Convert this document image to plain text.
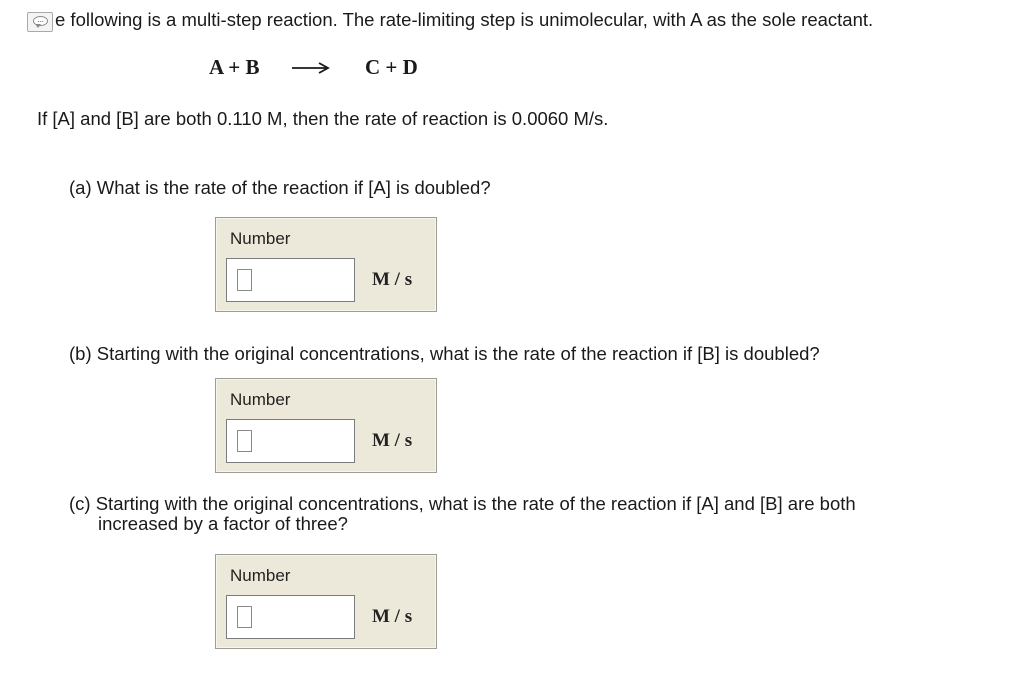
... e following is a multi-step reaction. The rate-limiting step is unimolecular, with A as the sole reactant.
A + B	C + D
If [A] and [B] are both 0.110 M, then the rate of reaction is 0.0060 M/s.
(a) What is the rate of the reaction if [A] is doubled?
Number
M / s
(b) Starting with the original concentrations, what is the rate of the reaction if [B] is doubled?
Number
M / s
(c) Starting with the original concentrations, what is the rate of the reaction if [A] and [B] are both
increased by a factor of three?
Number
M / s
